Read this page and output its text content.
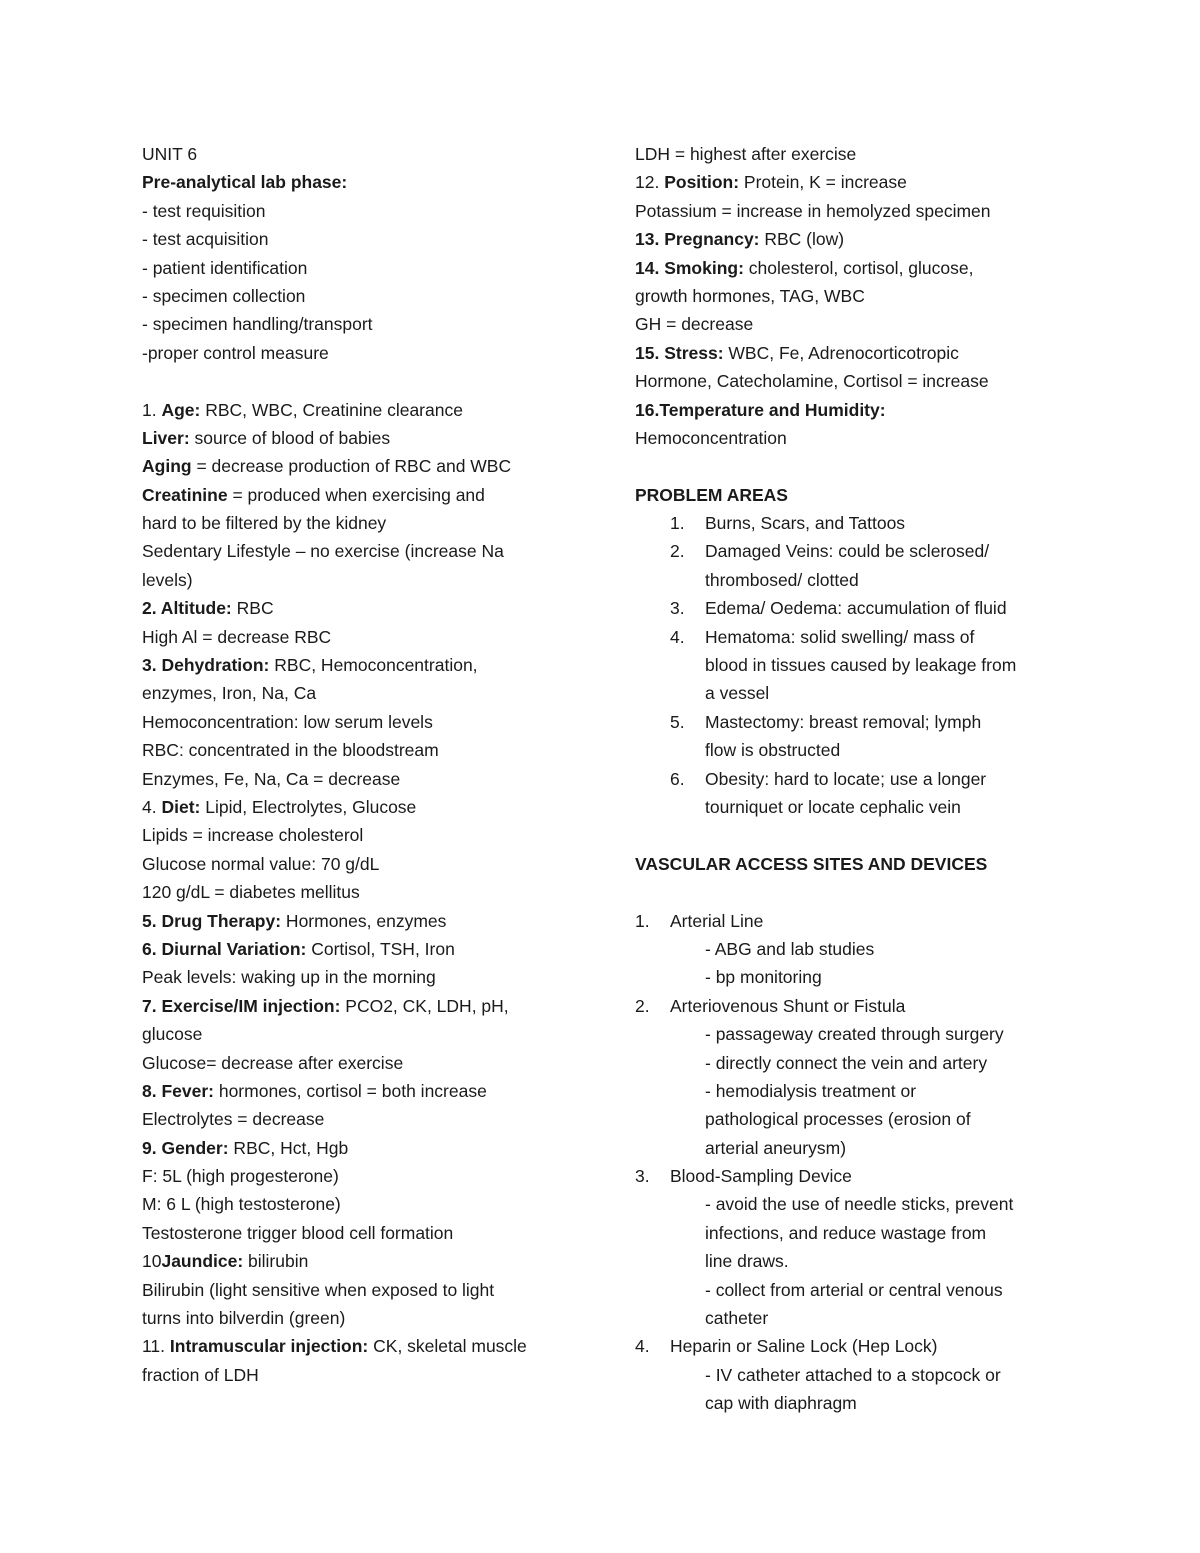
UNIT 6
Pre-analytical lab phase:
- test requisition
- test acquisition
- patient identification
- specimen collection
- specimen handling/transport
-proper control measure
1. Age: RBC, WBC, Creatinine clearance
Liver: source of blood of babies
Aging = decrease production of RBC and WBC
Creatinine = produced when exercising and
hard to be filtered by the kidney
Sedentary Lifestyle – no exercise (increase Na
levels)
2. Altitude: RBC
High Al = decrease RBC
3. Dehydration: RBC, Hemoconcentration,
enzymes, Iron, Na, Ca
Hemoconcentration: low serum levels
RBC: concentrated in the bloodstream
Enzymes, Fe, Na, Ca = decrease
4. Diet: Lipid, Electrolytes, Glucose
Lipids = increase cholesterol
Glucose normal value: 70 g/dL
120 g/dL = diabetes mellitus
5. Drug Therapy: Hormones, enzymes
6. Diurnal Variation: Cortisol, TSH, Iron
Peak levels: waking up in the morning
7. Exercise/IM injection: PCO2, CK, LDH, pH,
glucose
Glucose= decrease after exercise
8. Fever: hormones, cortisol = both increase
Electrolytes = decrease
9. Gender: RBC, Hct, Hgb
F: 5L (high progesterone)
M: 6 L (high testosterone)
Testosterone trigger blood cell formation
10Jaundice: bilirubin
Bilirubin (light sensitive when exposed to light
turns into bilverdin (green)
11. Intramuscular injection: CK, skeletal muscle
fraction of LDH
LDH = highest after exercise
12. Position: Protein, K = increase
Potassium = increase in hemolyzed specimen
13. Pregnancy: RBC (low)
14. Smoking: cholesterol, cortisol, glucose,
growth hormones, TAG, WBC
GH = decrease
15. Stress: WBC, Fe, Adrenocorticotropic
Hormone, Catecholamine, Cortisol = increase
16.Temperature and Humidity:
Hemoconcentration
PROBLEM AREAS
1. Burns, Scars, and Tattoos
2. Damaged Veins: could be sclerosed/
thrombosed/ clotted
3. Edema/ Oedema: accumulation of fluid
4. Hematoma: solid swelling/ mass of
blood in tissues caused by leakage from
a vessel
5. Mastectomy: breast removal; lymph
flow is obstructed
6. Obesity: hard to locate; use a longer
tourniquet or locate cephalic vein
VASCULAR ACCESS SITES AND DEVICES
1. Arterial Line
- ABG and lab studies
- bp monitoring
2. Arteriovenous Shunt or Fistula
- passageway created through surgery
- directly connect the vein and artery
- hemodialysis treatment or
pathological processes (erosion of
arterial aneurysm)
3. Blood-Sampling Device
- avoid the use of needle sticks, prevent
infections, and reduce wastage from
line draws.
- collect from arterial or central venous
catheter
4. Heparin or Saline Lock (Hep Lock)
- IV catheter attached to a stopcock or
cap with diaphragm
